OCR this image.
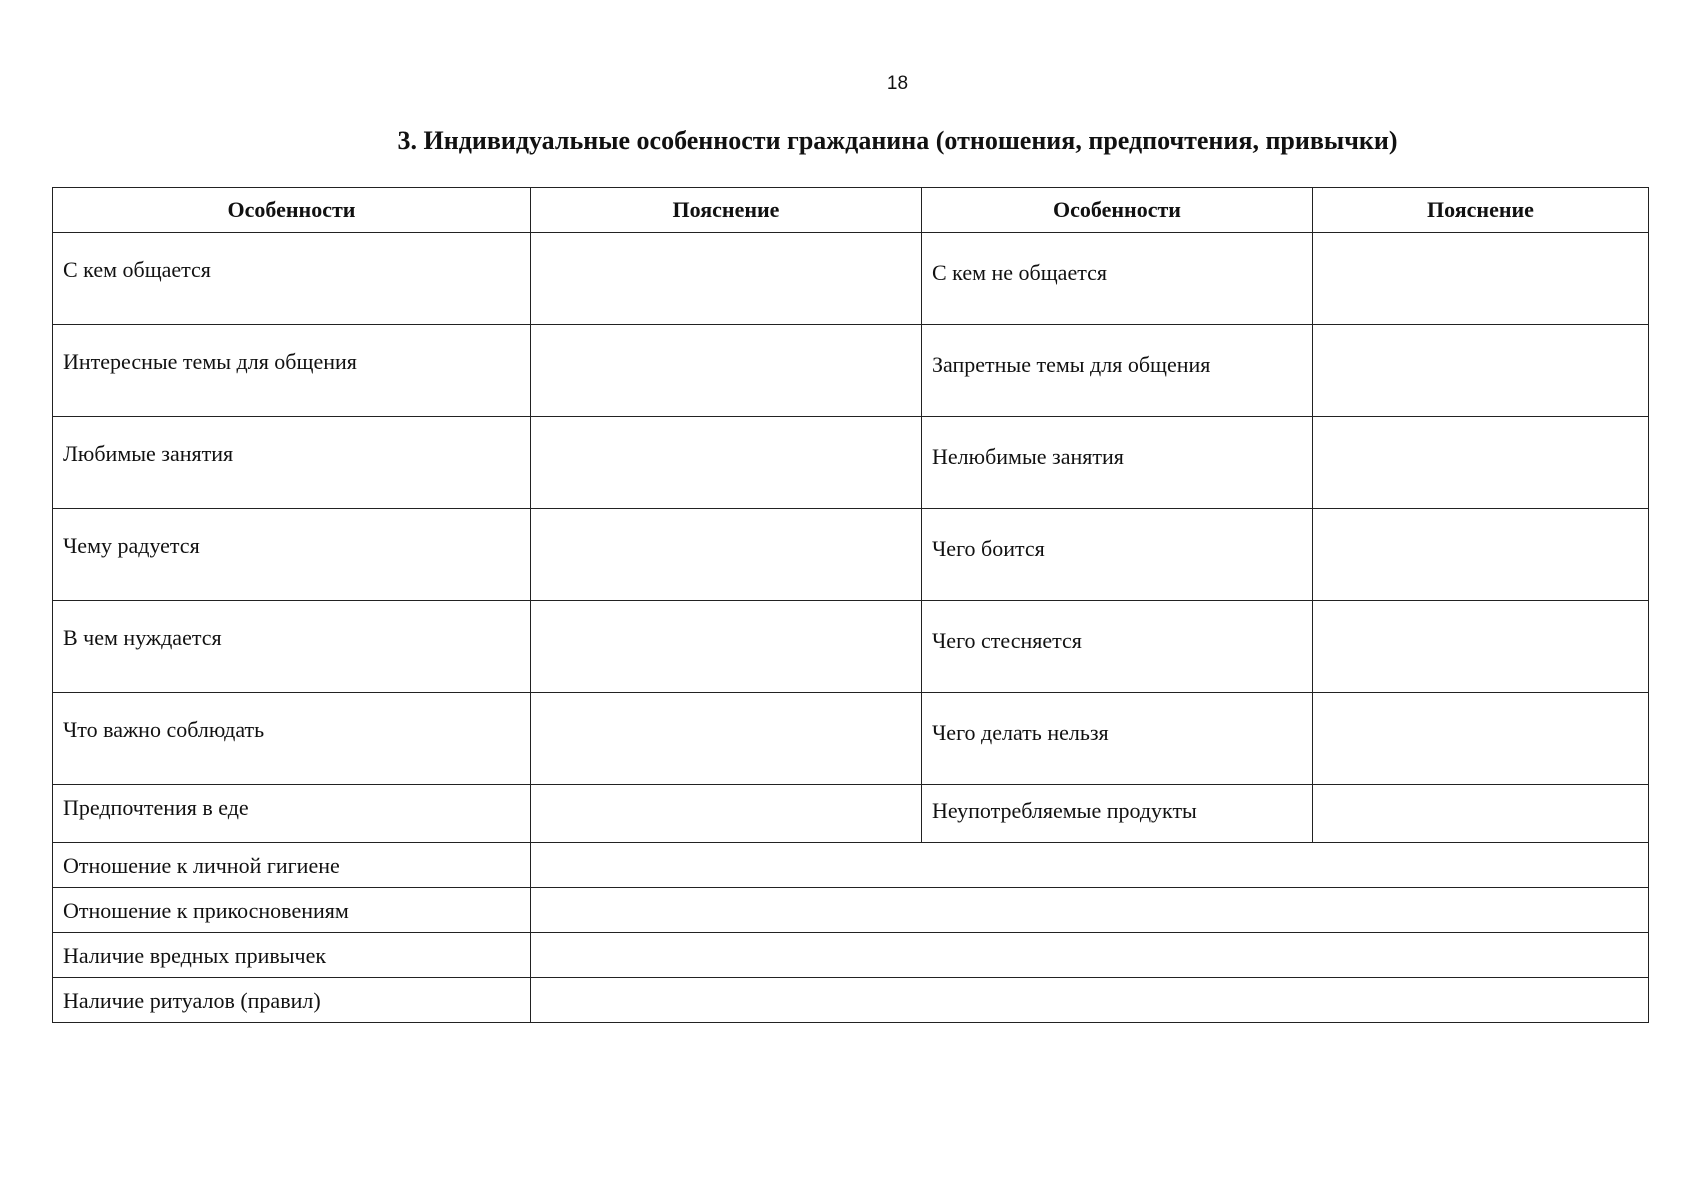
18
3. Индивидуальные особенности гражданина (отношения, предпочтения, привычки)
Особенности	Пояснение	Особенности	Пояснение
С кем общается		С кем не общается	
Интересные темы для общения		Запретные темы для общения	
Любимые занятия		Нелюбимые занятия	
Чему радуется		Чего боится	
В чем нуждается		Чего стесняется	
Что важно соблюдать		Чего делать нельзя	
Предпочтения в еде		Неупотребляемые продукты	
Отношение к личной гигиене			
Отношение к прикосновениям			
Наличие вредных привычек			
Наличие ритуалов (правил)			
